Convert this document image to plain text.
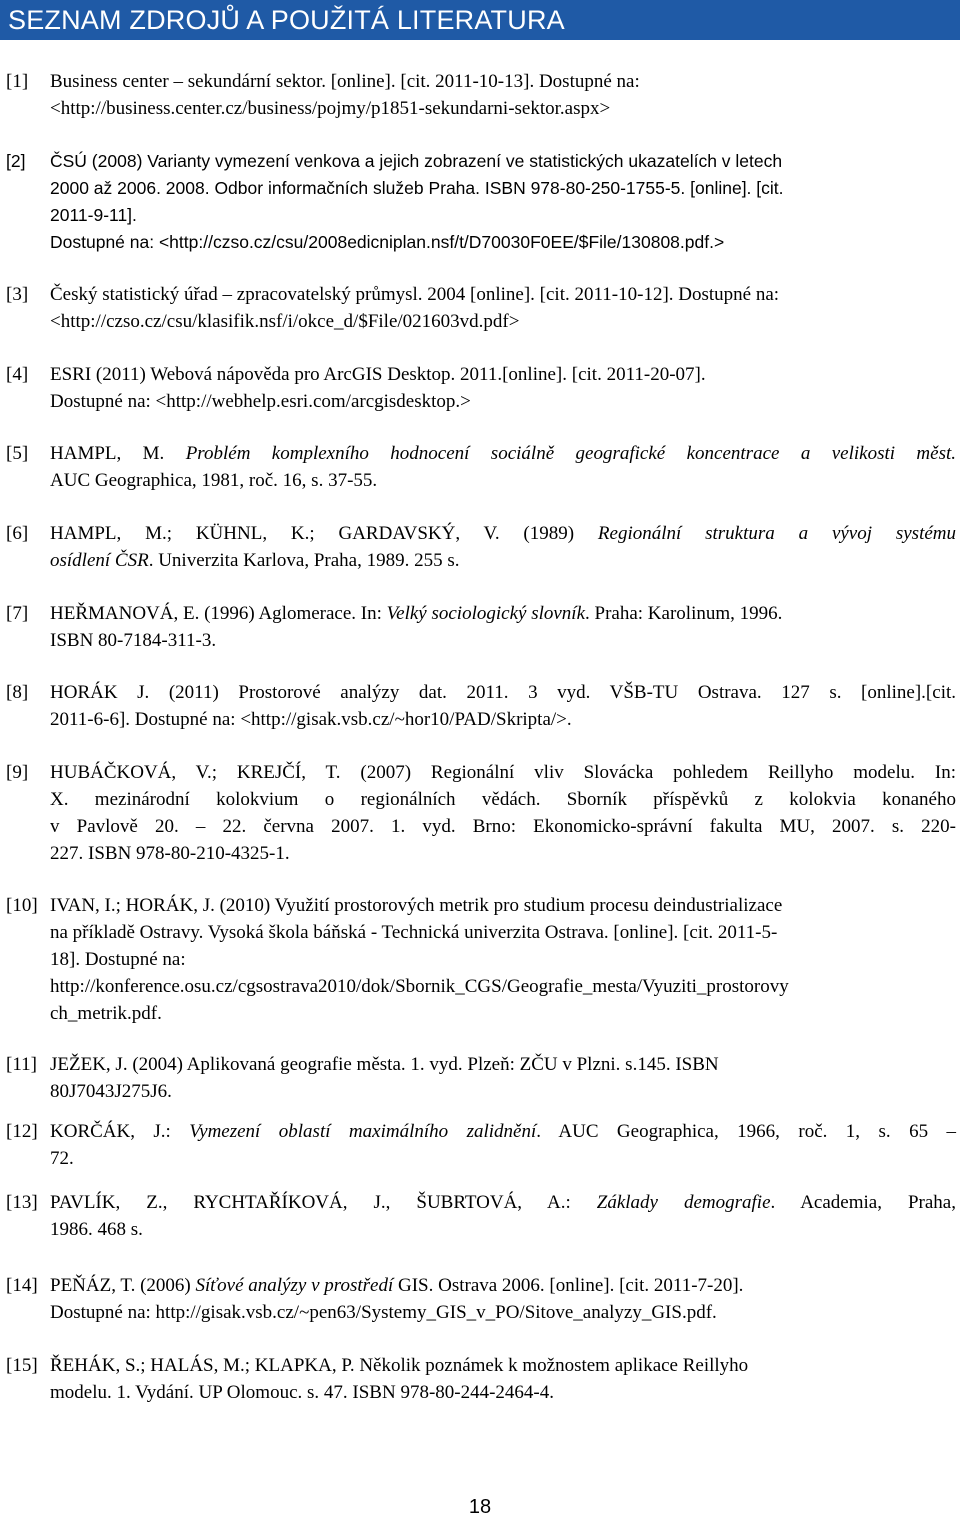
SEZNAM ZDROJŮ A POUŽITÁ LITERATURA
[1] Business center – sekundární sektor. [online]. [cit. 2011-10-13]. Dostupné na:
<http://business.center.cz/business/pojmy/p1851-sekundarni-sektor.aspx>
[2] ČSÚ (2008) Varianty vymezení venkova a jejich zobrazení ve statistických ukazatelích v letech
2000 až 2006. 2008. Odbor informačních služeb Praha. ISBN 978-80-250-1755-5. [online]. [cit.
2011-9-11].
Dostupné na: <http://czso.cz/csu/2008edicniplan.nsf/t/D70030F0EE/$File/130808.pdf.>
[3] Český statistický úřad – zpracovatelský průmysl. 2004 [online]. [cit. 2011-10-12]. Dostupné na:
<http://czso.cz/csu/klasifik.nsf/i/okce_d/$File/021603vd.pdf>
[4] ESRI (2011) Webová nápověda pro ArcGIS Desktop. 2011.[online]. [cit. 2011-20-07].
Dostupné na: <http://webhelp.esri.com/arcgisdesktop.>
[5] HAMPL, M. Problém komplexního hodnocení sociálně geografické koncentrace a velikosti měst.
AUC Geographica, 1981, roč. 16, s. 37-55.
[6] HAMPL, M.; KÜHNL, K.; GARDAVSKÝ, V. (1989) Regionální struktura a vývoj systému
osídlení ČSR. Univerzita Karlova, Praha, 1989. 255 s.
[7] HEŘMANOVÁ, E. (1996) Aglomerace. In: Velký sociologický slovník. Praha: Karolinum, 1996.
ISBN 80-7184-311-3.
[8] HORÁK J. (2011) Prostorové analýzy dat. 2011. 3 vyd. VŠB-TU Ostrava. 127 s. [online].[cit.
2011-6-6]. Dostupné na: <http://gisak.vsb.cz/~hor10/PAD/Skripta/>.
[9] HUBÁČKOVÁ, V.; KREJČÍ, T. (2007) Regionální vliv Slovácka pohledem Reillyho modelu. In:
X. mezinárodní kolokvium o regionálních vědách. Sborník příspěvků z kolokvia konaného
v Pavlově 20. – 22. června 2007. 1. vyd. Brno: Ekonomicko-správní fakulta MU, 2007. s. 220-
227. ISBN 978-80-210-4325-1.
[10] IVAN, I.; HORÁK, J. (2010) Využití prostorových metrik pro studium procesu deindustrializace
na příkladě Ostravy. Vysoká škola báňská - Technická univerzita Ostrava. [online]. [cit. 2011-5-
18]. Dostupné na:
http://konference.osu.cz/cgsostrava2010/dok/Sbornik_CGS/Geografie_mesta/Vyuziti_prostorovy
ch_metrik.pdf.
[11] JEŽEK, J. (2004) Aplikovaná geografie města. 1. vyd. Plzeň: ZČU v Plzni. s.145. ISBN
80J7043J275J6.
[12] KORČÁK, J.: Vymezení oblastí maximálního zalidnění. AUC Geographica, 1966, roč. 1, s. 65 –
72.
[13] PAVLÍK, Z., RYCHTAŘÍKOVÁ, J., ŠUBRTOVÁ, A.: Základy demografie. Academia, Praha,
1986. 468 s.
[14] PEŇÁZ, T. (2006) Síťové analýzy v prostředí GIS. Ostrava 2006. [online]. [cit. 2011-7-20].
Dostupné na: http://gisak.vsb.cz/~pen63/Systemy_GIS_v_PO/Sitove_analyzy_GIS.pdf.
[15] ŘEHÁK, S.; HALÁS, M.; KLAPKA, P. Několik poznámek k možnostem aplikace Reillyho
modelu. 1. Vydání. UP Olomouc. s. 47. ISBN 978-80-244-2464-4.
18
